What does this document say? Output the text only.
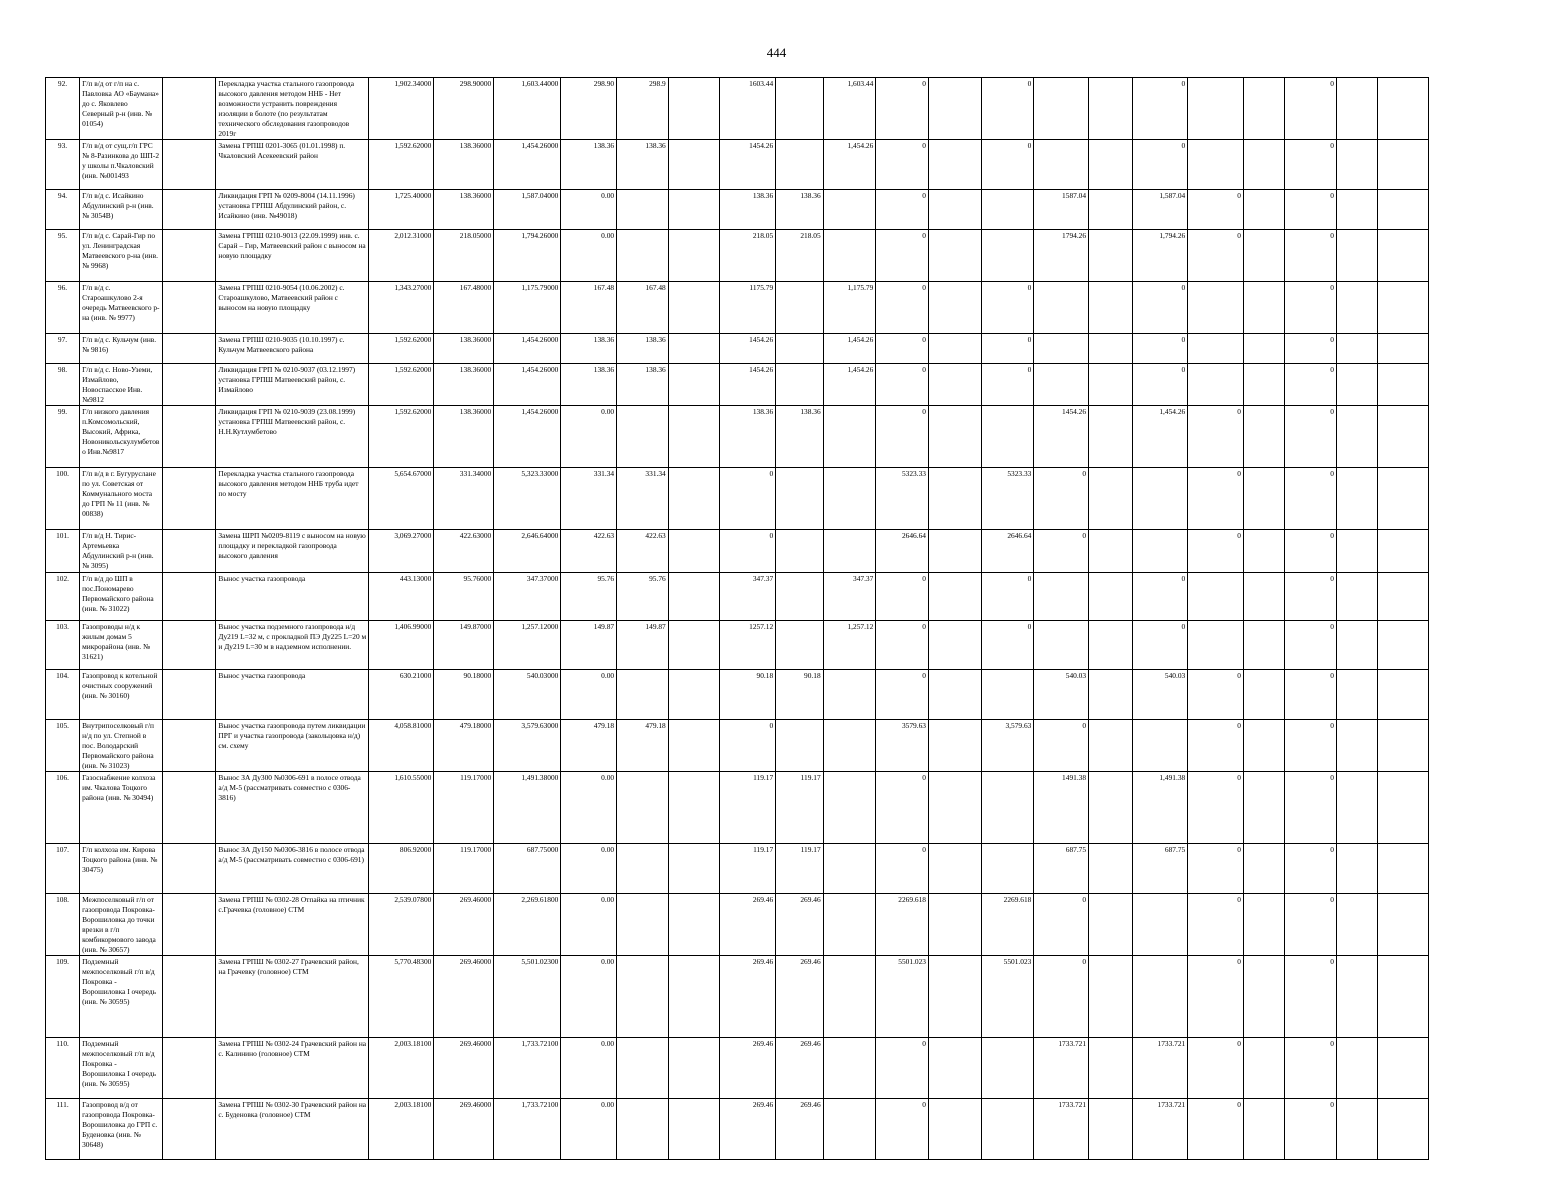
444
92.	Г/п в/д от г/п на с. Павловка АО «Баумана» до с. Яковлево Северный р-н (инв. № 01054)		Перекладка участка стального газопровода высокого давления методом ННБ - Нет возможности устранить повреждения изоляции в болоте (по результатам технического обследования газопроводов 2019г	1,902.34000	298.90000	1,603.44000	298.90	298.9		1603.44		1,603.44	0		0			0			0		
93.	Г/п в/д от сущ.г/п ГРС № 8-Разинкова до ШП-2 у школы п.Чкаловский (инв. №001493		Замена ГРПШ 0201-3065 (01.01.1998) п. Чкаловский Асекеевский район	1,592.62000	138.36000	1,454.26000	138.36	138.36		1454.26		1,454.26	0		0			0			0		
94.	Г/п в/д с. Исайкино Абдулинский р-н (инв. № 3054В)		Ликвидация ГРП № 0209-8004 (14.11.1996) установка ГРПШ Абдулинский район, с. Исайкино (инв. №49018)	1,725.40000	138.36000	1,587.04000	0.00			138.36	138.36		0			1587.04		1,587.04	0		0		
95.	Г/п в/д с. Сарай-Гир по ул. Ленинградская Матвеевского р-на (инв. № 9968)		Замена ГРПШ 0210-9013 (22.09.1999) инв. с. Сарай – Гир, Матвеевский район с выносом на новую площадку	2,012.31000	218.05000	1,794.26000	0.00			218.05	218.05		0			1794.26		1,794.26	0		0		
96.	Г/п в/д с. Староашкулово 2-я очередь Матвеевского р-на (инв. № 9977)		Замена ГРПШ 0210-9054 (10.06.2002) с. Староашкулово, Матвеевский район с выносом на новую площадку	1,343.27000	167.48000	1,175.79000	167.48	167.48		1175.79		1,175.79	0		0			0			0		
97.	Г/п в/д с. Кульчум (инв. № 9816)		Замена ГРПШ 0210-9035 (10.10.1997) с. Кульчум Матвеевского района	1,592.62000	138.36000	1,454.26000	138.36	138.36		1454.26		1,454.26	0		0			0			0		
98.	Г/п в/д с. Ново-Уземи, Измайлово, Новоспасское Инв.№9812		Ликвидация ГРП № 0210-9037 (03.12.1997) установка ГРПШ Матвеевский район, с. Измайлово	1,592.62000	138.36000	1,454.26000	138.36	138.36		1454.26		1,454.26	0		0			0			0		
99.	Г/п низкого давления п.Комсомольский, Высокий, Африка, Новоникольскулумбетово Инв.№9817		Ликвидация ГРП № 0210-9039 (23.08.1999) установка ГРПШ Матвеевский район, с. Н.Н.Кутлумбетово	1,592.62000	138.36000	1,454.26000	0.00			138.36	138.36		0			1454.26		1,454.26	0		0		
100.	Г/п в/д в г. Бугуруслане по ул. Советская от Коммунального моста до ГРП № 11 (инв. № 00838)		Перекладка участка стального газопровода высокого давления методом ННБ труба идет по мосту	5,654.67000	331.34000	5,323.33000	331.34	331.34		0			5323.33		5323.33	0			0		0		
101.	Г/п в/д Н. Тирис-Артемьевка Абдулинский р-н (инв. № 3095)		Замена ШРП №0209-8119 с выносом на новую площадку и перекладкой газопровода высокого давления	3,069.27000	422.63000	2,646.64000	422.63	422.63		0			2646.64		2646.64	0			0		0		
102.	Г/п в/д до ШП в пос.Пономарево Первомайского района (инв. № 31022)		Вынос участка газопровода	443.13000	95.76000	347.37000	95.76	95.76		347.37		347.37	0		0			0			0		
103.	Газопроводы н/д к жилым домам 5 микрорайона (инв. № 31621)		Вынос участка подземного газопровода н/д Ду219 L=32 м, с прокладкой ПЭ Ду225 L=20 м и Ду219 L=30 м в надземном исполнении.	1,406.99000	149.87000	1,257.12000	149.87	149.87		1257.12		1,257.12	0		0			0			0		
104.	Газопровод к котельной очистных сооружений (инв. № 30160)		Вынос участка газопровода	630.21000	90.18000	540.03000	0.00			90.18	90.18		0			540.03		540.03	0		0		
105.	Внутрипоселковый г/п н/д по ул. Степной в пос. Володарский Первомайского района (инв. № 31023)		Вынос участка газопровода путем ликвидации ПРГ и участка газопровода (закольцовка н/д) см. схему	4,058.81000	479.18000	3,579.63000	479.18	479.18		0			3579.63		3,579.63	0			0		0		
106.	Газоснабжение колхоза им. Чкалова Тоцкого района (инв. № 30494)		Вынос ЗА Ду300 №0306-691 в полосе отвода а/д М-5 (рассматривать совместно с 0306-3816)	1,610.55000	119.17000	1,491.38000	0.00			119.17	119.17		0			1491.38		1,491.38	0		0		
107.	Г/п колхоза им. Кирова Тоцкого района (инв. № 30475)		Вынос ЗА Ду150 №0306-3816 в полосе отвода а/д М-5 (рассматривать совместно с 0306-691)	806.92000	119.17000	687.75000	0.00			119.17	119.17		0			687.75		687.75	0		0		
108.	Межпоселковый г/п от газопровода Покровка-Ворошиловка до точки врезки в г/п комбикормового завода (инв. № 30657)		Замена ГРПШ № 0302-28 Отпайка на птичник с.Грачевка (головное) СТМ	2,539.07800	269.46000	2,269.61800	0.00			269.46	269.46		2269.618		2269.618	0			0		0		
109.	Подземный межпоселковый г/п в/д Покровка - Ворошиловка I очередь (инв. № 30595)		Замена ГРПШ № 0302-27 Грачевский район, на Грачевку (головное) СТМ	5,770.48300	269.46000	5,501.02300	0.00			269.46	269.46		5501.023		5501.023	0			0		0		
110.	Подземный межпоселковый г/п в/д Покровка - Ворошиловка I очередь (инв. № 30595)		Замена ГРПШ № 0302-24 Грачевский район на с. Калинино (головное) СТМ	2,003.18100	269.46000	1,733.72100	0.00			269.46	269.46		0			1733.721		1733.721	0		0		
111.	Газопровод в/д от газопровода Покровка-Ворошиловка до ГРП с. Буденовка (инв. № 30648)		Замена ГРПШ № 0302-30 Грачевский район на с. Буденовка (головное) СТМ	2,003.18100	269.46000	1,733.72100	0.00			269.46	269.46		0			1733.721		1733.721	0		0		
